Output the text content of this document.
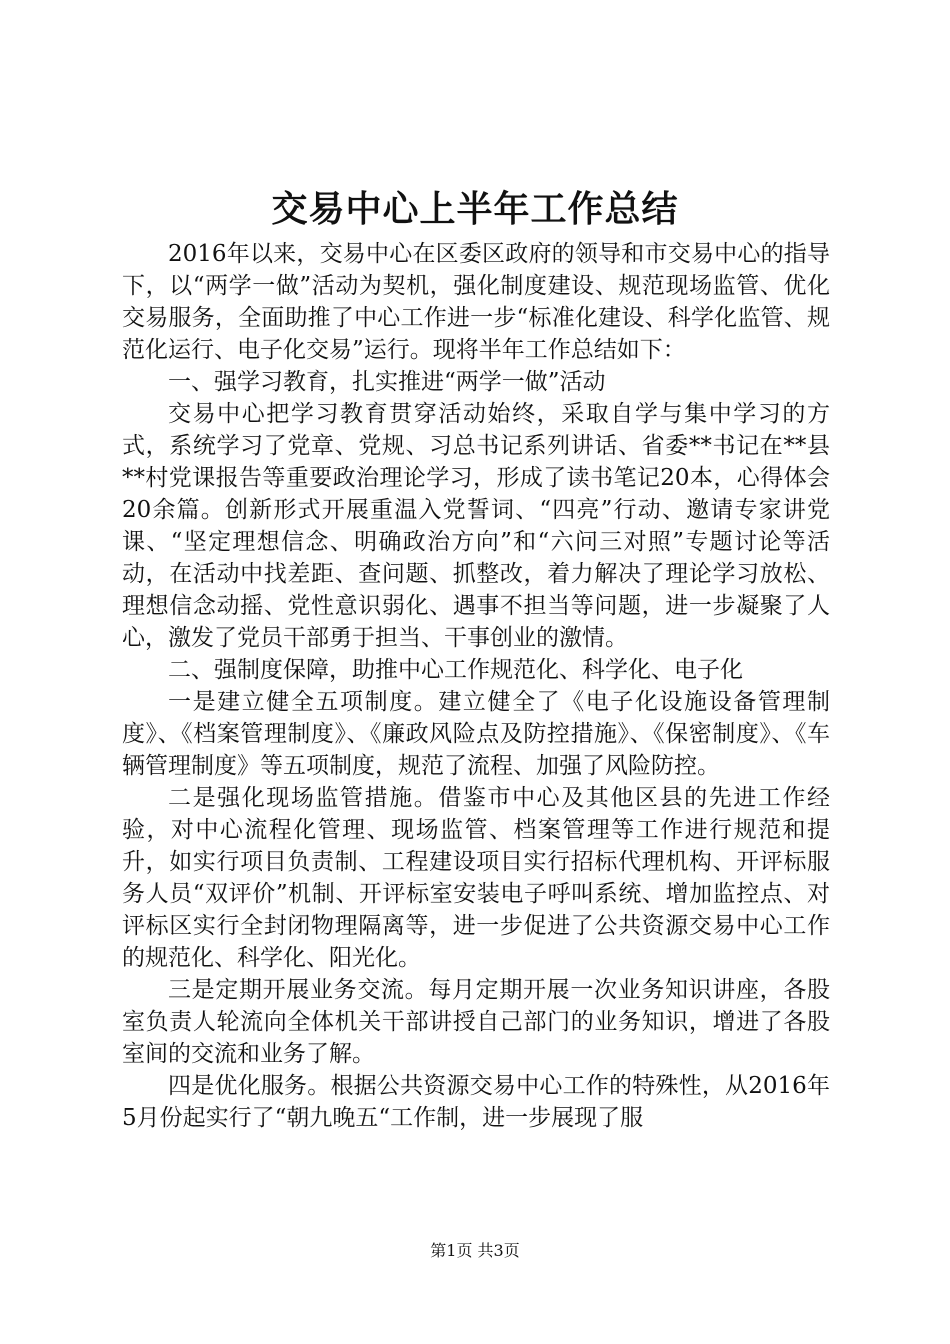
交易中心上半年工作总结

2016年以来，交易中心在区委区政府的领导和市交易中心的指导下，以“两学一做”活动为契机，强化制度建设、规范现场监管、优化交易服务，全面助推了中心工作进一步“标准化建设、科学化监管、规范化运行、电子化交易”运行。现将半年工作总结如下：

一、强学习教育，扎实推进“两学一做”活动

交易中心把学习教育贯穿活动始终，采取自学与集中学习的方式，系统学习了党章、党规、习总书记系列讲话、省委**书记在**县**村党课报告等重要政治理论学习，形成了读书笔记20本，心得体会20余篇。创新形式开展重温入党誓词、“四亮”行动、邀请专家讲党课、“坚定理想信念、明确政治方向”和“六问三对照”专题讨论等活动，在活动中找差距、查问题、抓整改，着力解决了理论学习放松、理想信念动摇、党性意识弱化、遇事不担当等问题，进一步凝聚了人心，激发了党员干部勇于担当、干事创业的激情。

二、强制度保障，助推中心工作规范化、科学化、电子化

一是建立健全五项制度。建立健全了《电子化设施设备管理制度》、《档案管理制度》、《廉政风险点及防控措施》、《保密制度》、《车辆管理制度》等五项制度，规范了流程、加强了风险防控。

二是强化现场监管措施。借鉴市中心及其他区县的先进工作经验，对中心流程化管理、现场监管、档案管理等工作进行规范和提升，如实行项目负责制、工程建设项目实行招标代理机构、开评标服务人员“双评价”机制、开评标室安装电子呼叫系统、增加监控点、对评标区实行全封闭物理隔离等，进一步促进了公共资源交易中心工作的规范化、科学化、阳光化。

三是定期开展业务交流。每月定期开展一次业务知识讲座，各股室负责人轮流向全体机关干部讲授自己部门的业务知识，增进了各股室间的交流和业务了解。

四是优化服务。根据公共资源交易中心工作的特殊性，从2016年5月份起实行了“朝九晚五“工作制，进一步展现了服

第1页 共3页
